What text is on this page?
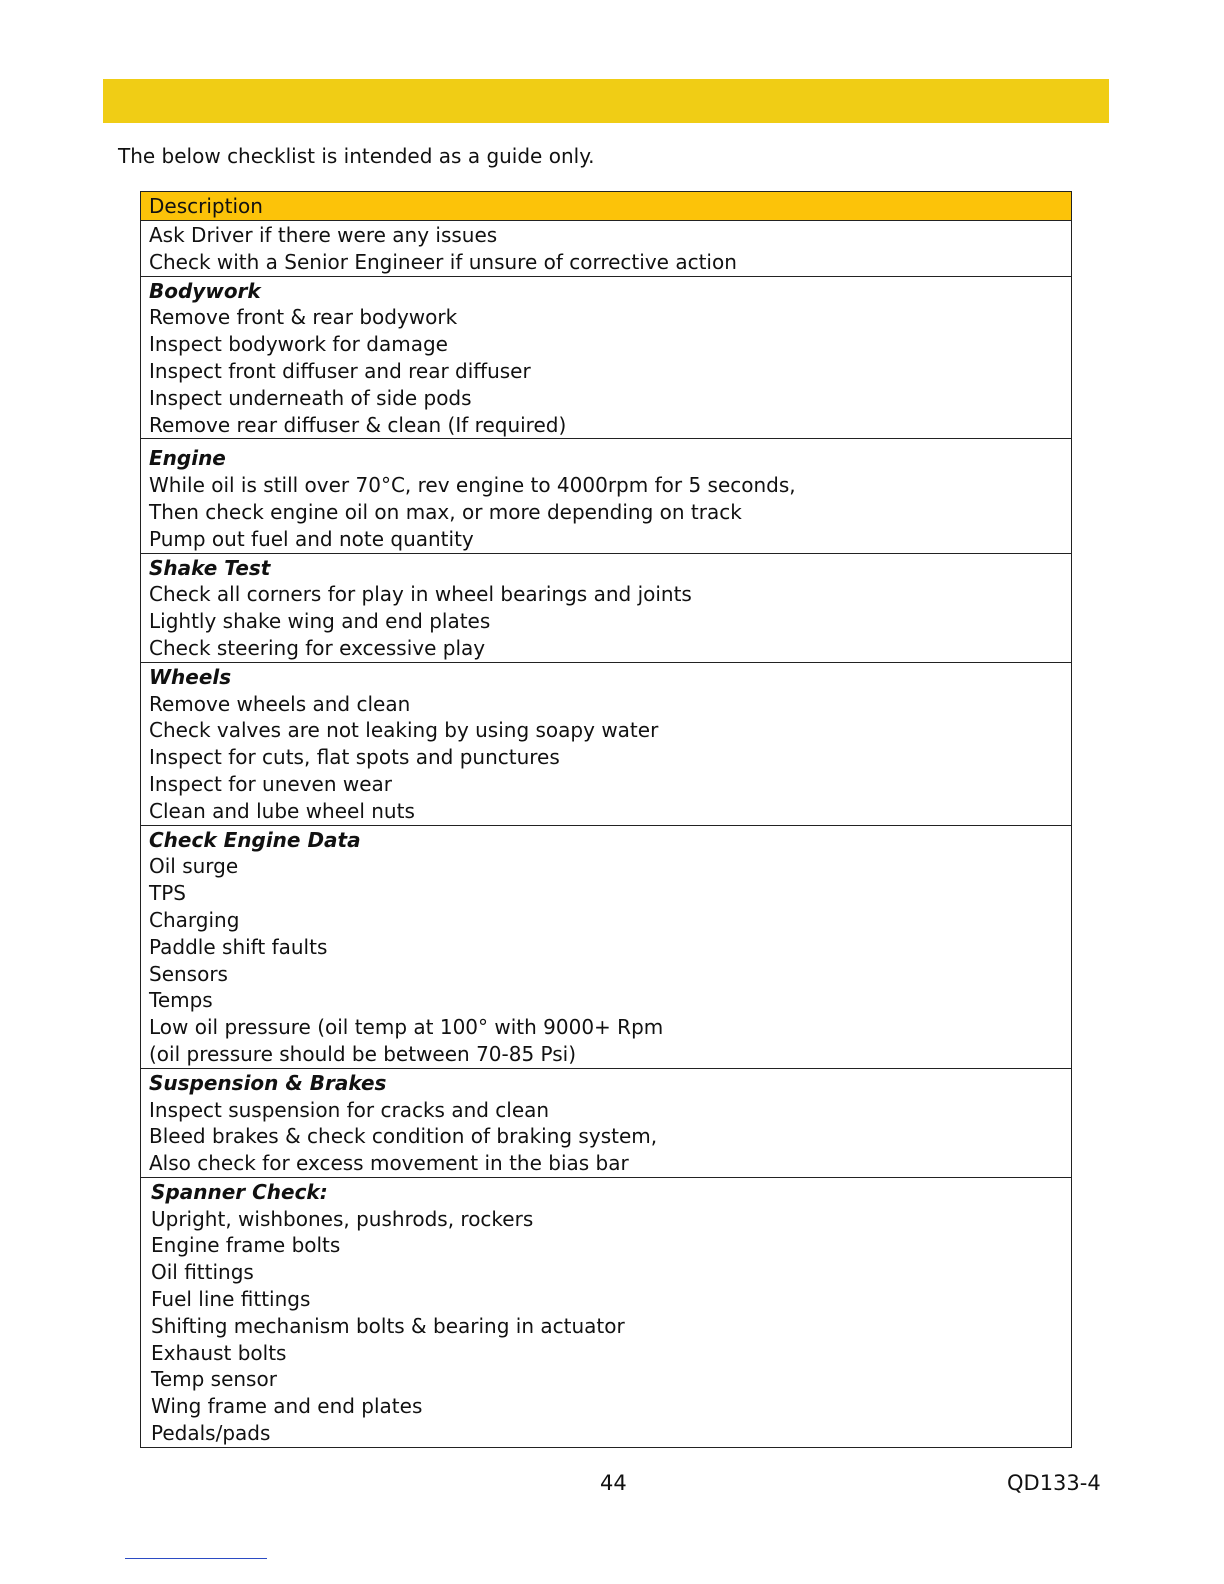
The below checklist is intended as a guide only.
Description
Ask Driver if there were any issues
Check with a Senior Engineer if unsure of corrective action
Bodywork
Remove front & rear bodywork
Inspect bodywork for damage
Inspect front diffuser and rear diffuser
Inspect underneath of side pods
Remove rear diffuser & clean (If required)
Engine
While oil is still over 70°C, rev engine to 4000rpm for 5 seconds,
Then check engine oil on max, or more depending on track
Pump out fuel and note quantity
Shake Test
Check all corners for play in wheel bearings and joints
Lightly shake wing and end plates
Check steering for excessive play
Wheels
Remove wheels and clean
Check valves are not leaking by using soapy water
Inspect for cuts, flat spots and punctures
Inspect for uneven wear
Clean and lube wheel nuts
Check Engine Data
Oil surge
TPS
Charging
Paddle shift faults
Sensors
Temps
Low oil pressure (oil temp at 100° with 9000+ Rpm
(oil pressure should be between 70-85 Psi)
Suspension & Brakes
Inspect suspension for cracks and clean
Bleed brakes & check condition of braking system,
Also check for excess movement in the bias bar
Spanner Check:
Upright, wishbones, pushrods, rockers
Engine frame bolts
Oil fittings
Fuel line fittings
Shifting mechanism bolts & bearing in actuator
Exhaust bolts
Temp sensor
Wing frame and end plates
Pedals/pads
44	QD133-4
